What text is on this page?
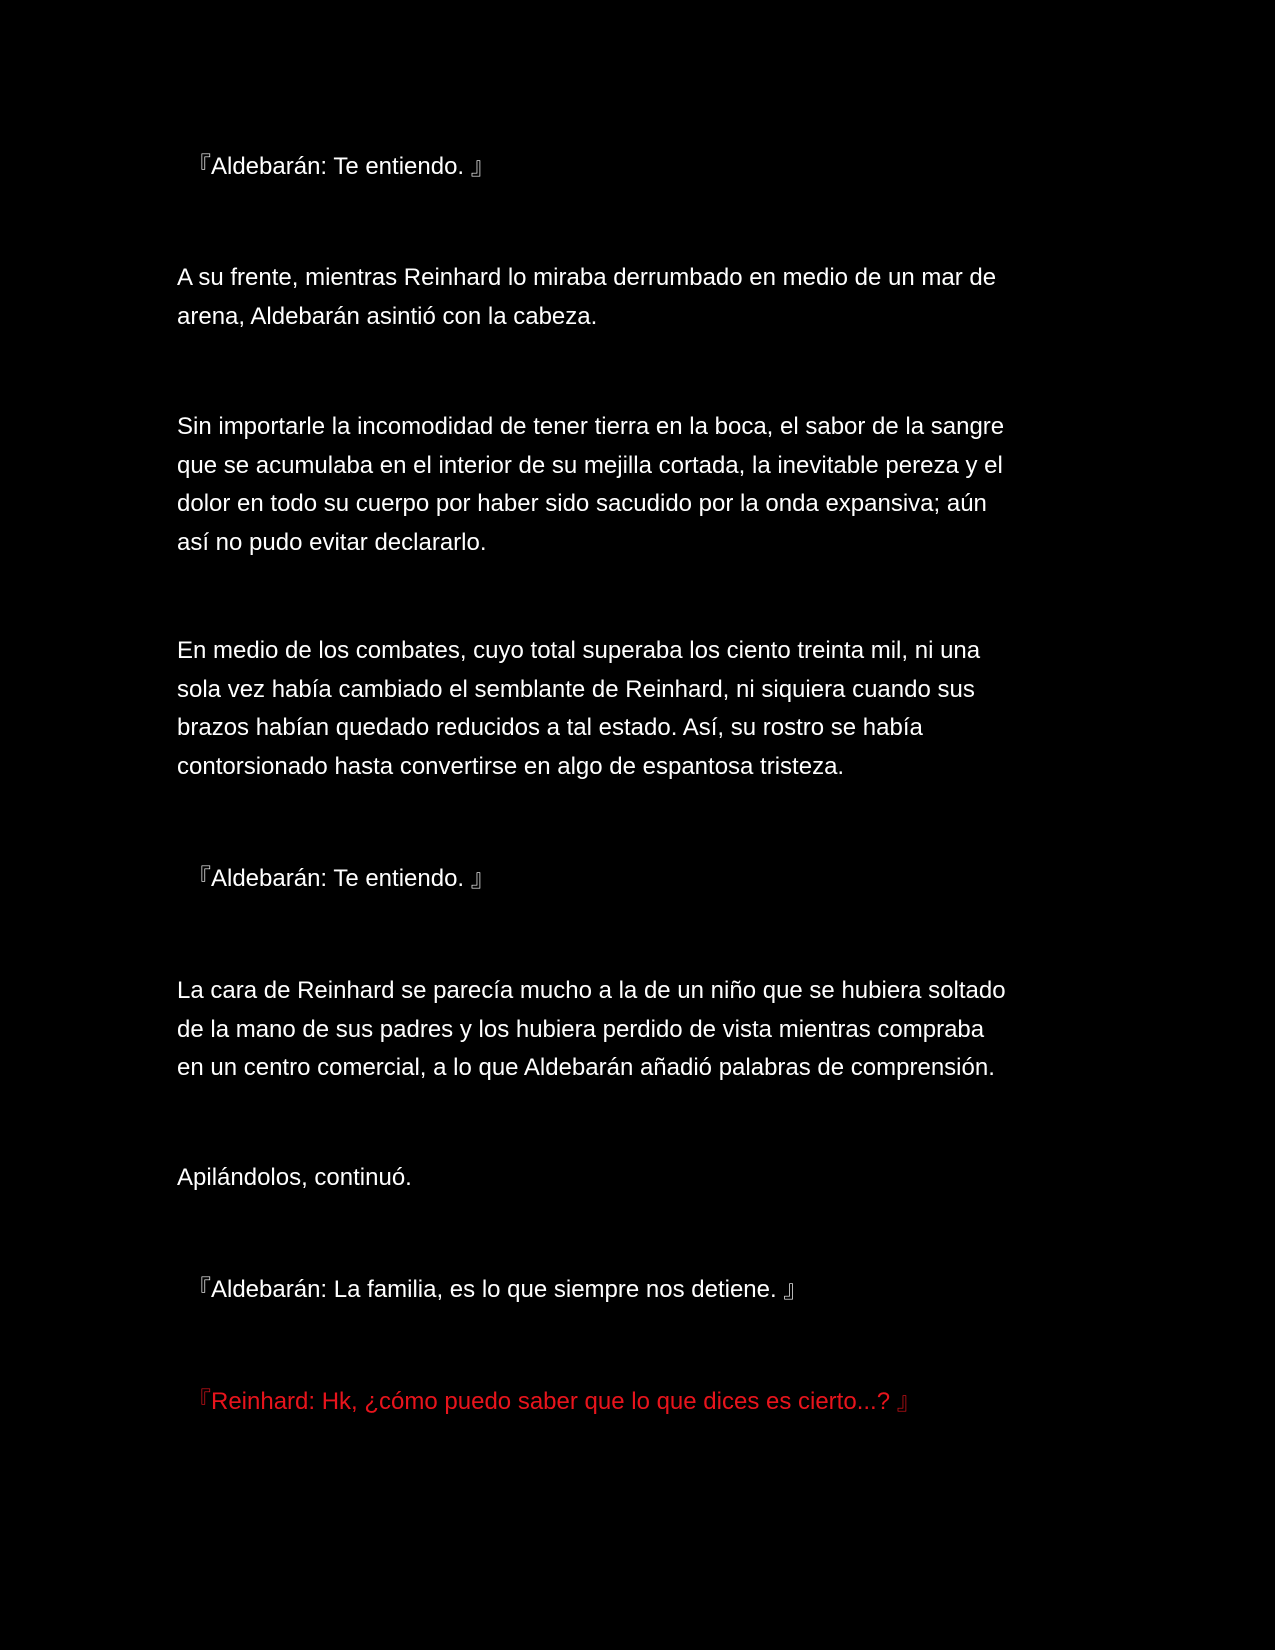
『Aldebarán: Te entiendo. 』
A su frente, mientras Reinhard lo miraba derrumbado en medio de un mar de
arena, Aldebarán asintió con la cabeza.
Sin importarle la incomodidad de tener tierra en la boca, el sabor de la sangre
que se acumulaba en el interior de su mejilla cortada, la inevitable pereza y el
dolor en todo su cuerpo por haber sido sacudido por la onda expansiva; aún
así no pudo evitar declararlo.
En medio de los combates, cuyo total superaba los ciento treinta mil, ni una
sola vez había cambiado el semblante de Reinhard, ni siquiera cuando sus
brazos habían quedado reducidos a tal estado. Así, su rostro se había
contorsionado hasta convertirse en algo de espantosa tristeza.
『Aldebarán: Te entiendo. 』
La cara de Reinhard se parecía mucho a la de un niño que se hubiera soltado
de la mano de sus padres y los hubiera perdido de vista mientras compraba
en un centro comercial, a lo que Aldebarán añadió palabras de comprensión.
Apilándolos, continuó.
『Aldebarán: La familia, es lo que siempre nos detiene. 』
『Reinhard: Hk, ¿cómo puedo saber que lo que dices es cierto...? 』
